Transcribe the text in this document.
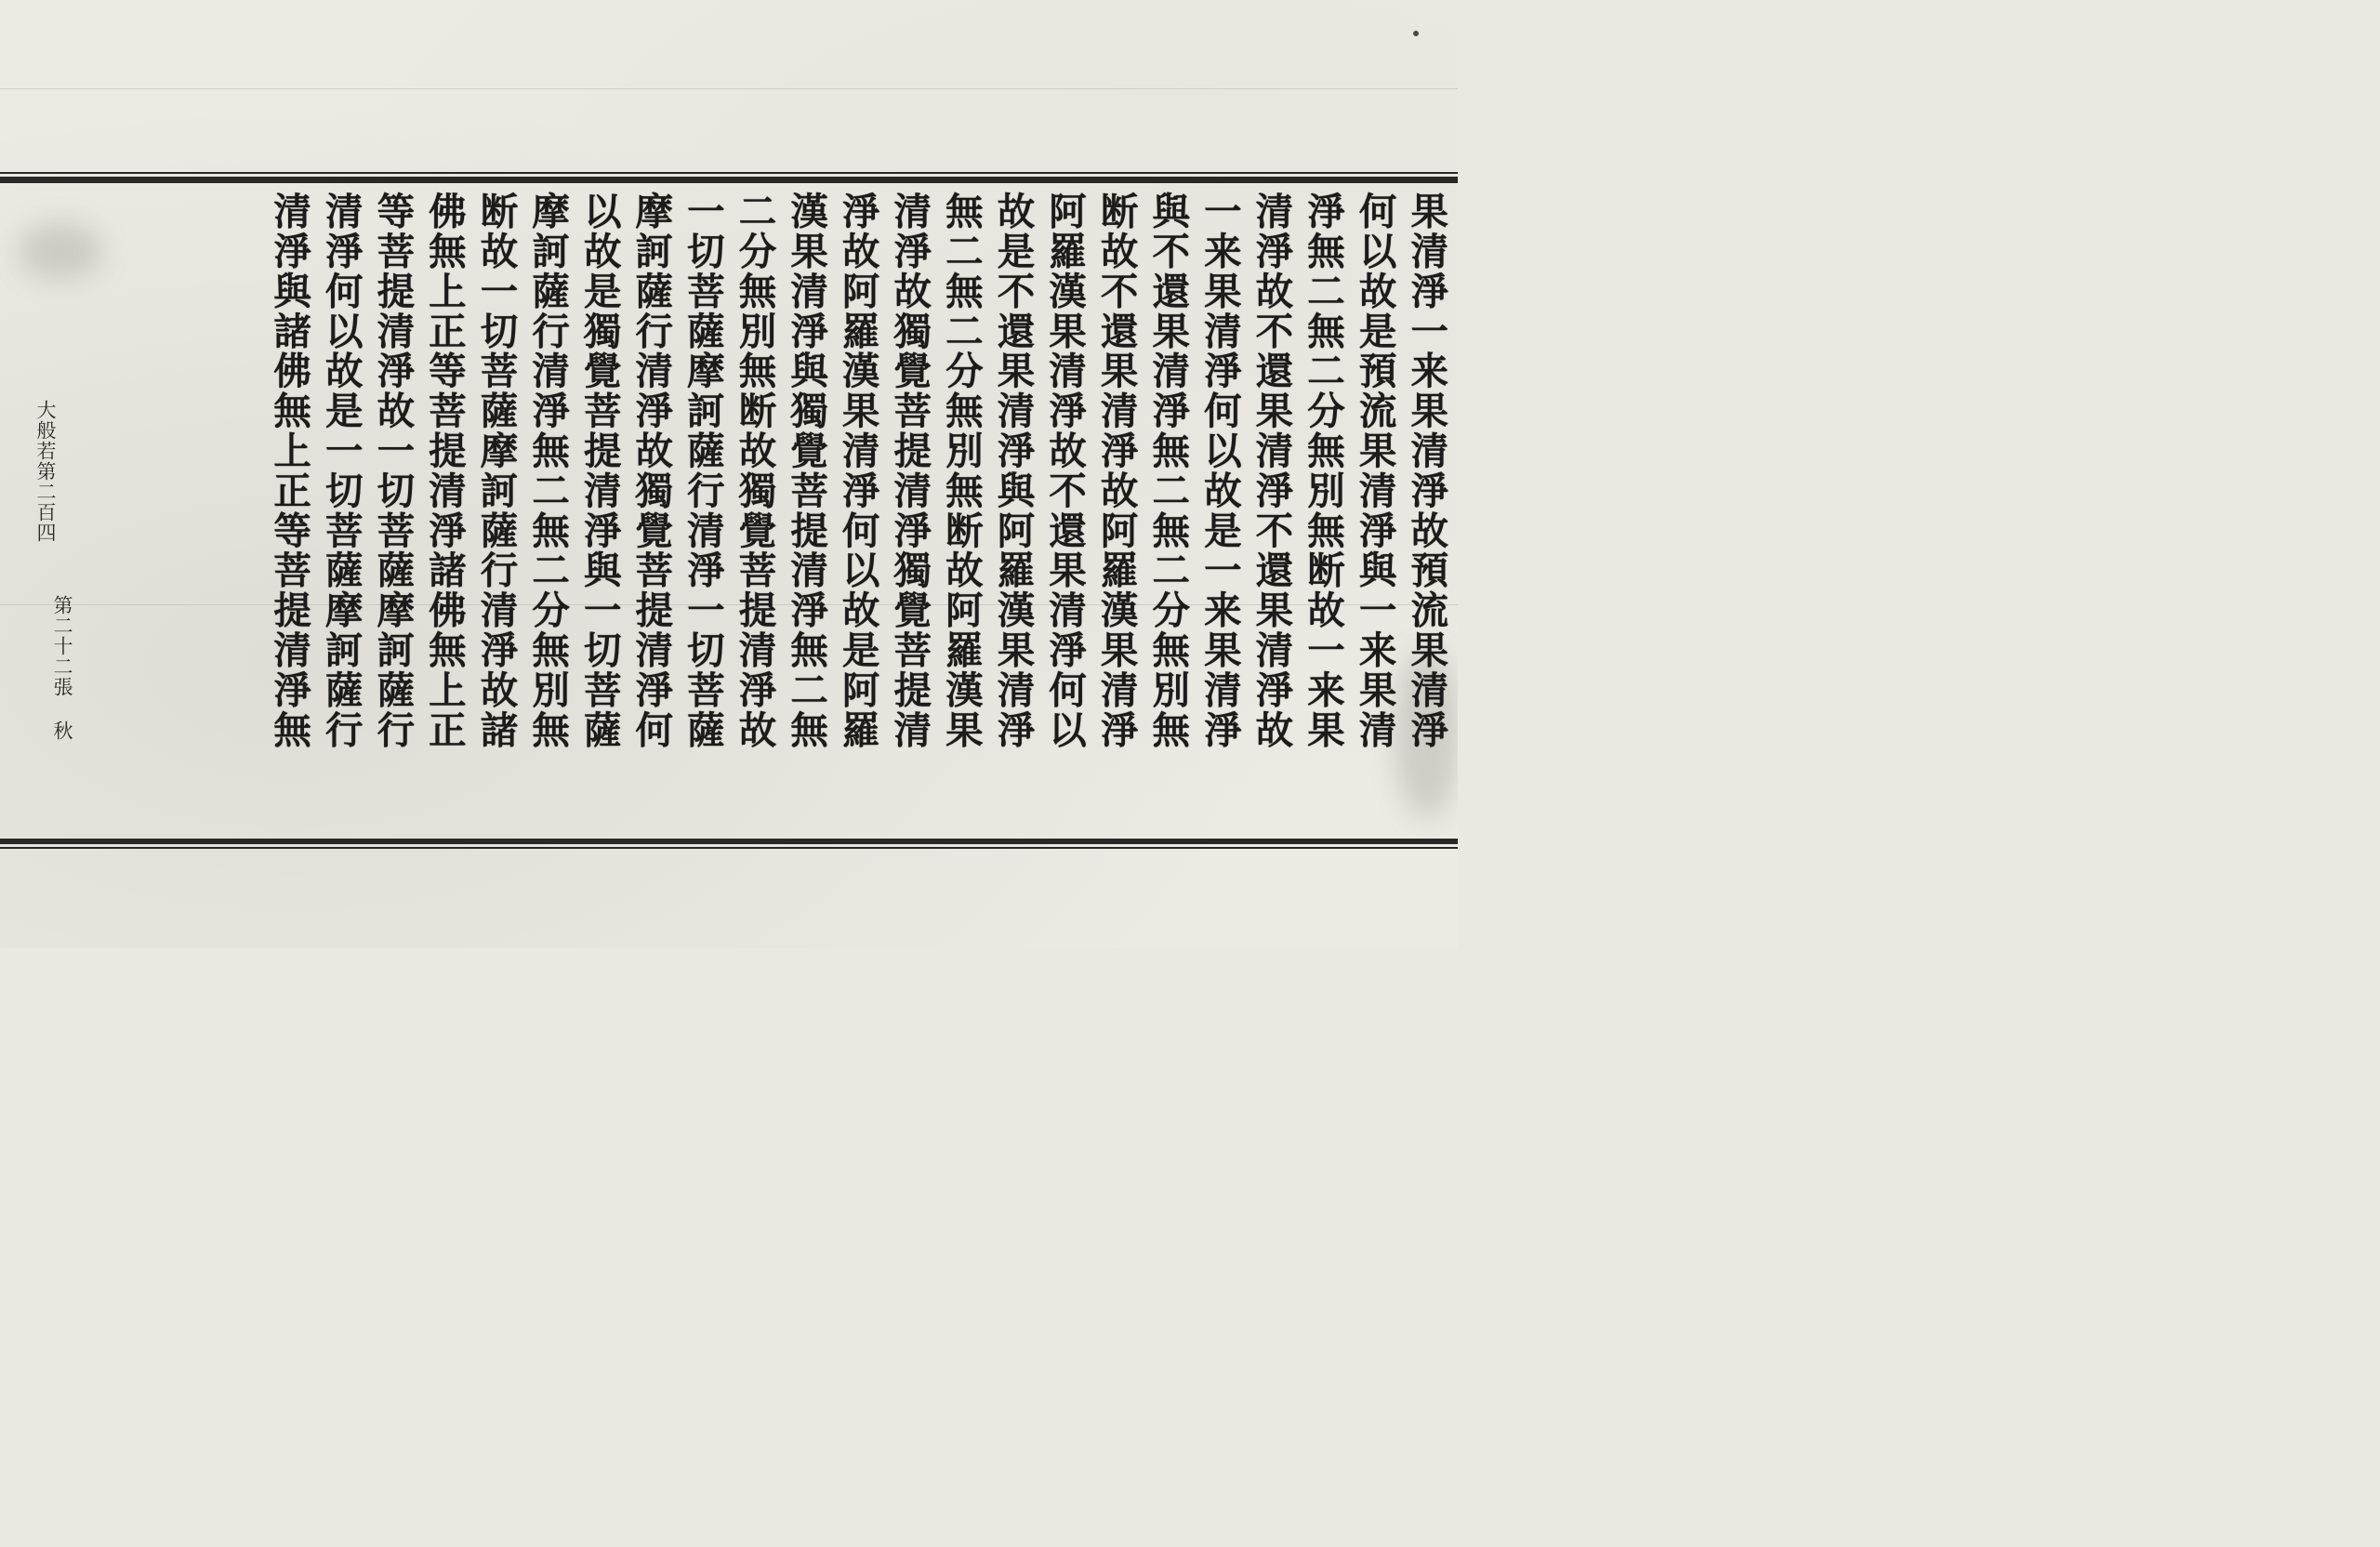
果清淨一来果清淨故預流果清淨
何以故是預流果清淨與一来果清
淨無二無二分無別無断故一来果
清淨故不還果清淨不還果清淨故
一来果清淨何以故是一来果清淨
與不還果清淨無二無二分無別無
断故不還果清淨故阿羅漢果清淨
阿羅漢果清淨故不還果清淨何以
故是不還果清淨與阿羅漢果清淨
無二無二分無別無断故阿羅漢果
清淨故獨覺菩提清淨獨覺菩提清
淨故阿羅漢果清淨何以故是阿羅
漢果清淨與獨覺菩提清淨無二無
二分無別無断故獨覺菩提清淨故
一切菩薩摩訶薩行清淨一切菩薩
摩訶薩行清淨故獨覺菩提清淨何
以故是獨覺菩提清淨與一切菩薩
摩訶薩行清淨無二無二分無別無
断故一切菩薩摩訶薩行清淨故諸
佛無上正等菩提清淨諸佛無上正
等菩提清淨故一切菩薩摩訶薩行
清淨何以故是一切菩薩摩訶薩行
清淨與諸佛無上正等菩提清淨無
大般若第二百四
第二十二張
秋
